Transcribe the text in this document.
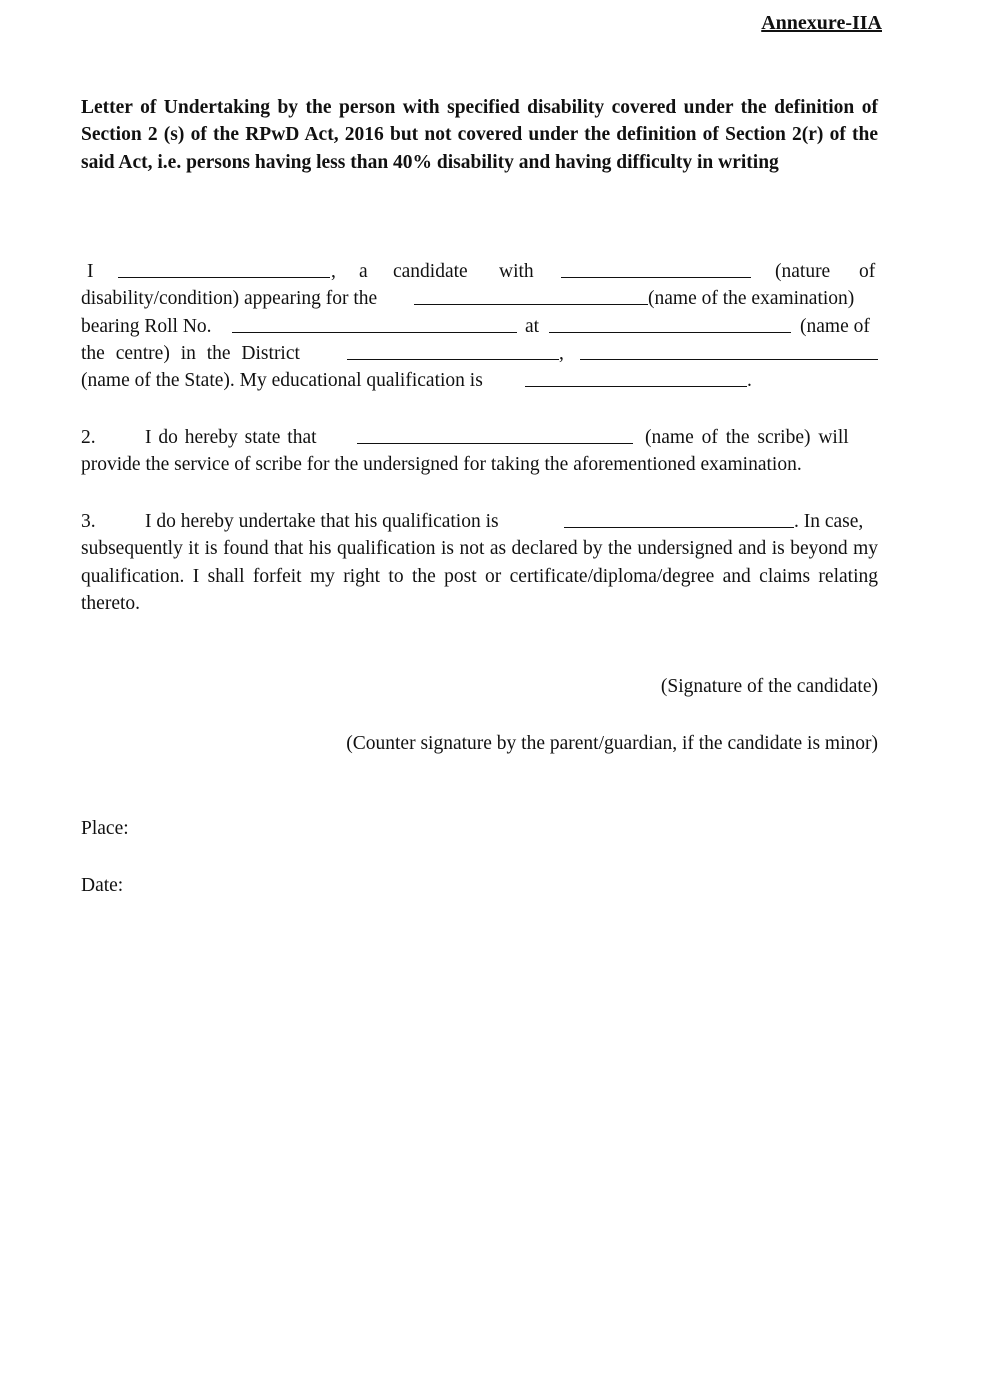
Annexure-IIA

Letter of Undertaking by the person with specified disability covered under the definition of Section 2 (s) of the RPwD Act, 2016 but not covered under the definition of Section 2(r) of the said Act, i.e. persons having less than 40% disability and having difficulty in writing

I	, a candidate with	(nature of
disability/condition) appearing for the	(name of the examination)
bearing Roll No.	at	(name of
the centre) in the District	,
(name of the State). My educational qualification is	.
2.	I do hereby state that	(name of the scribe) will
provide the service of scribe for the undersigned for taking the aforementioned examination.
3.	I do hereby undertake that his qualification is	. In case,
subsequently it is found that his qualification is not as declared by the undersigned and is beyond my qualification. I shall forfeit my right to the post or certificate/diploma/degree and claims relating thereto.
(Signature of the candidate)
(Counter signature by the parent/guardian, if the candidate is minor)
Place:
Date:
